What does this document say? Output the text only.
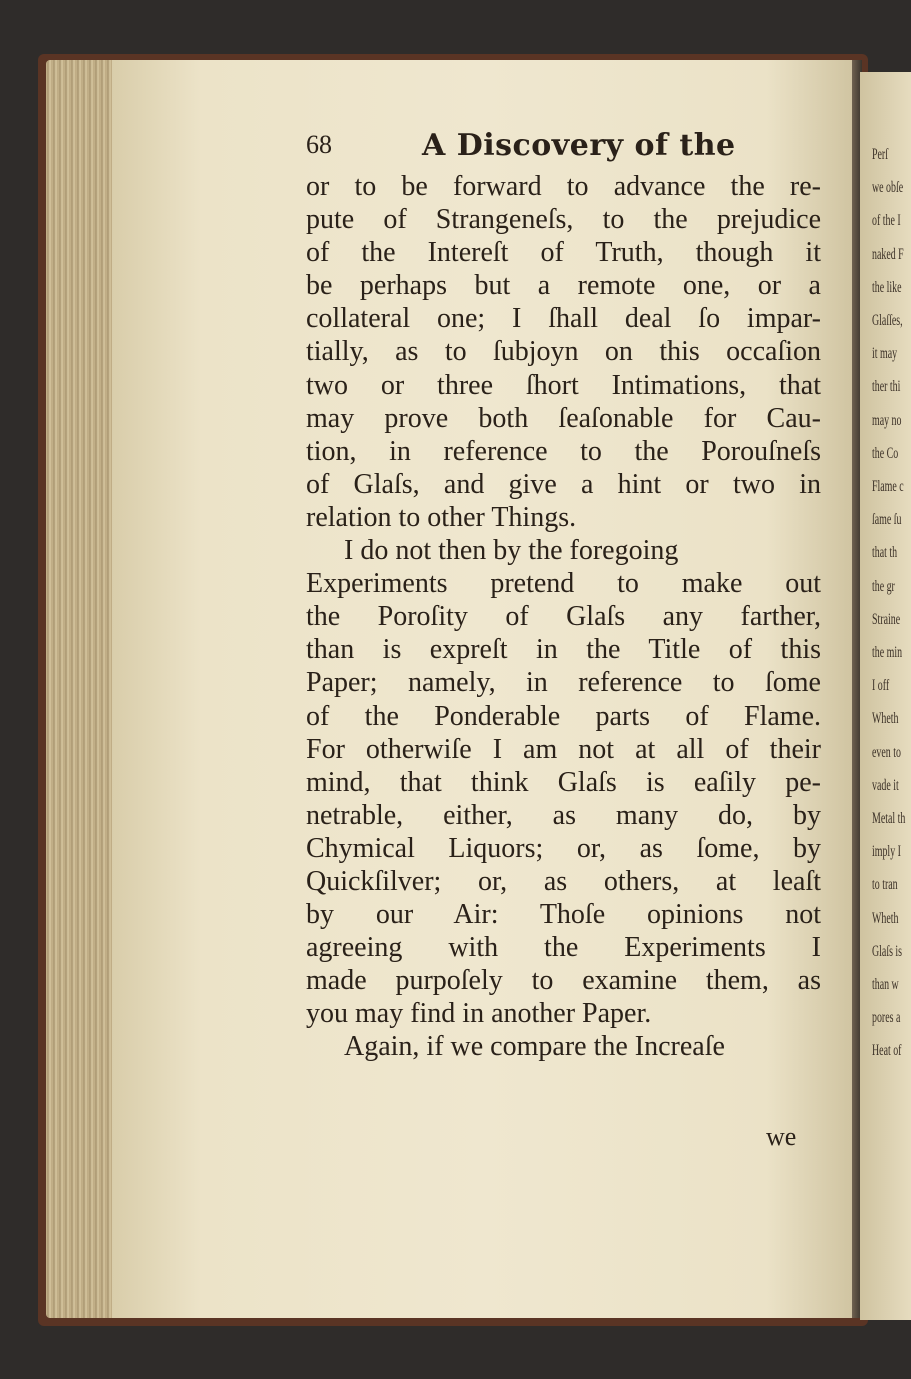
Perſ
we obſe
of the I
naked F
the like
Glaſſes,
it may
ther thi
may no
the Co
Flame c
ſame ſu
that th
the gr
Straine
the min
I off
Wheth
even to
vade it
Metal th
imply I
to tran
Wheth
Glaſs is
than w
pores a
Heat of
68	A Discovery of the
or to be forward to advance the re-
pute of Strangeneſs, to the prejudice
of the Intereſt of Truth, though it
be perhaps but a remote one, or a
collateral one; I ſhall deal ſo impar-
tially, as to ſubjoyn on this occaſion
two or three ſhort Intimations, that
may prove both ſeaſonable for Cau-
tion, in reference to the Porouſneſs
of Glaſs, and give a hint or two in
relation to other Things.
I do not then by the foregoing
Experiments pretend to make out
the Poroſity of Glaſs any farther,
than is expreſt in the Title of this
Paper; namely, in reference to ſome
of the Ponderable parts of Flame.
For otherwiſe I am not at all of their
mind, that think Glaſs is eaſily pe-
netrable, either, as many do, by
Chymical Liquors; or, as ſome, by
Quickſilver; or, as others, at leaſt
by our Air: Thoſe opinions not
agreeing with the Experiments I
made purpoſely to examine them, as
you may find in another Paper.
Again, if we compare the Increaſe
we
